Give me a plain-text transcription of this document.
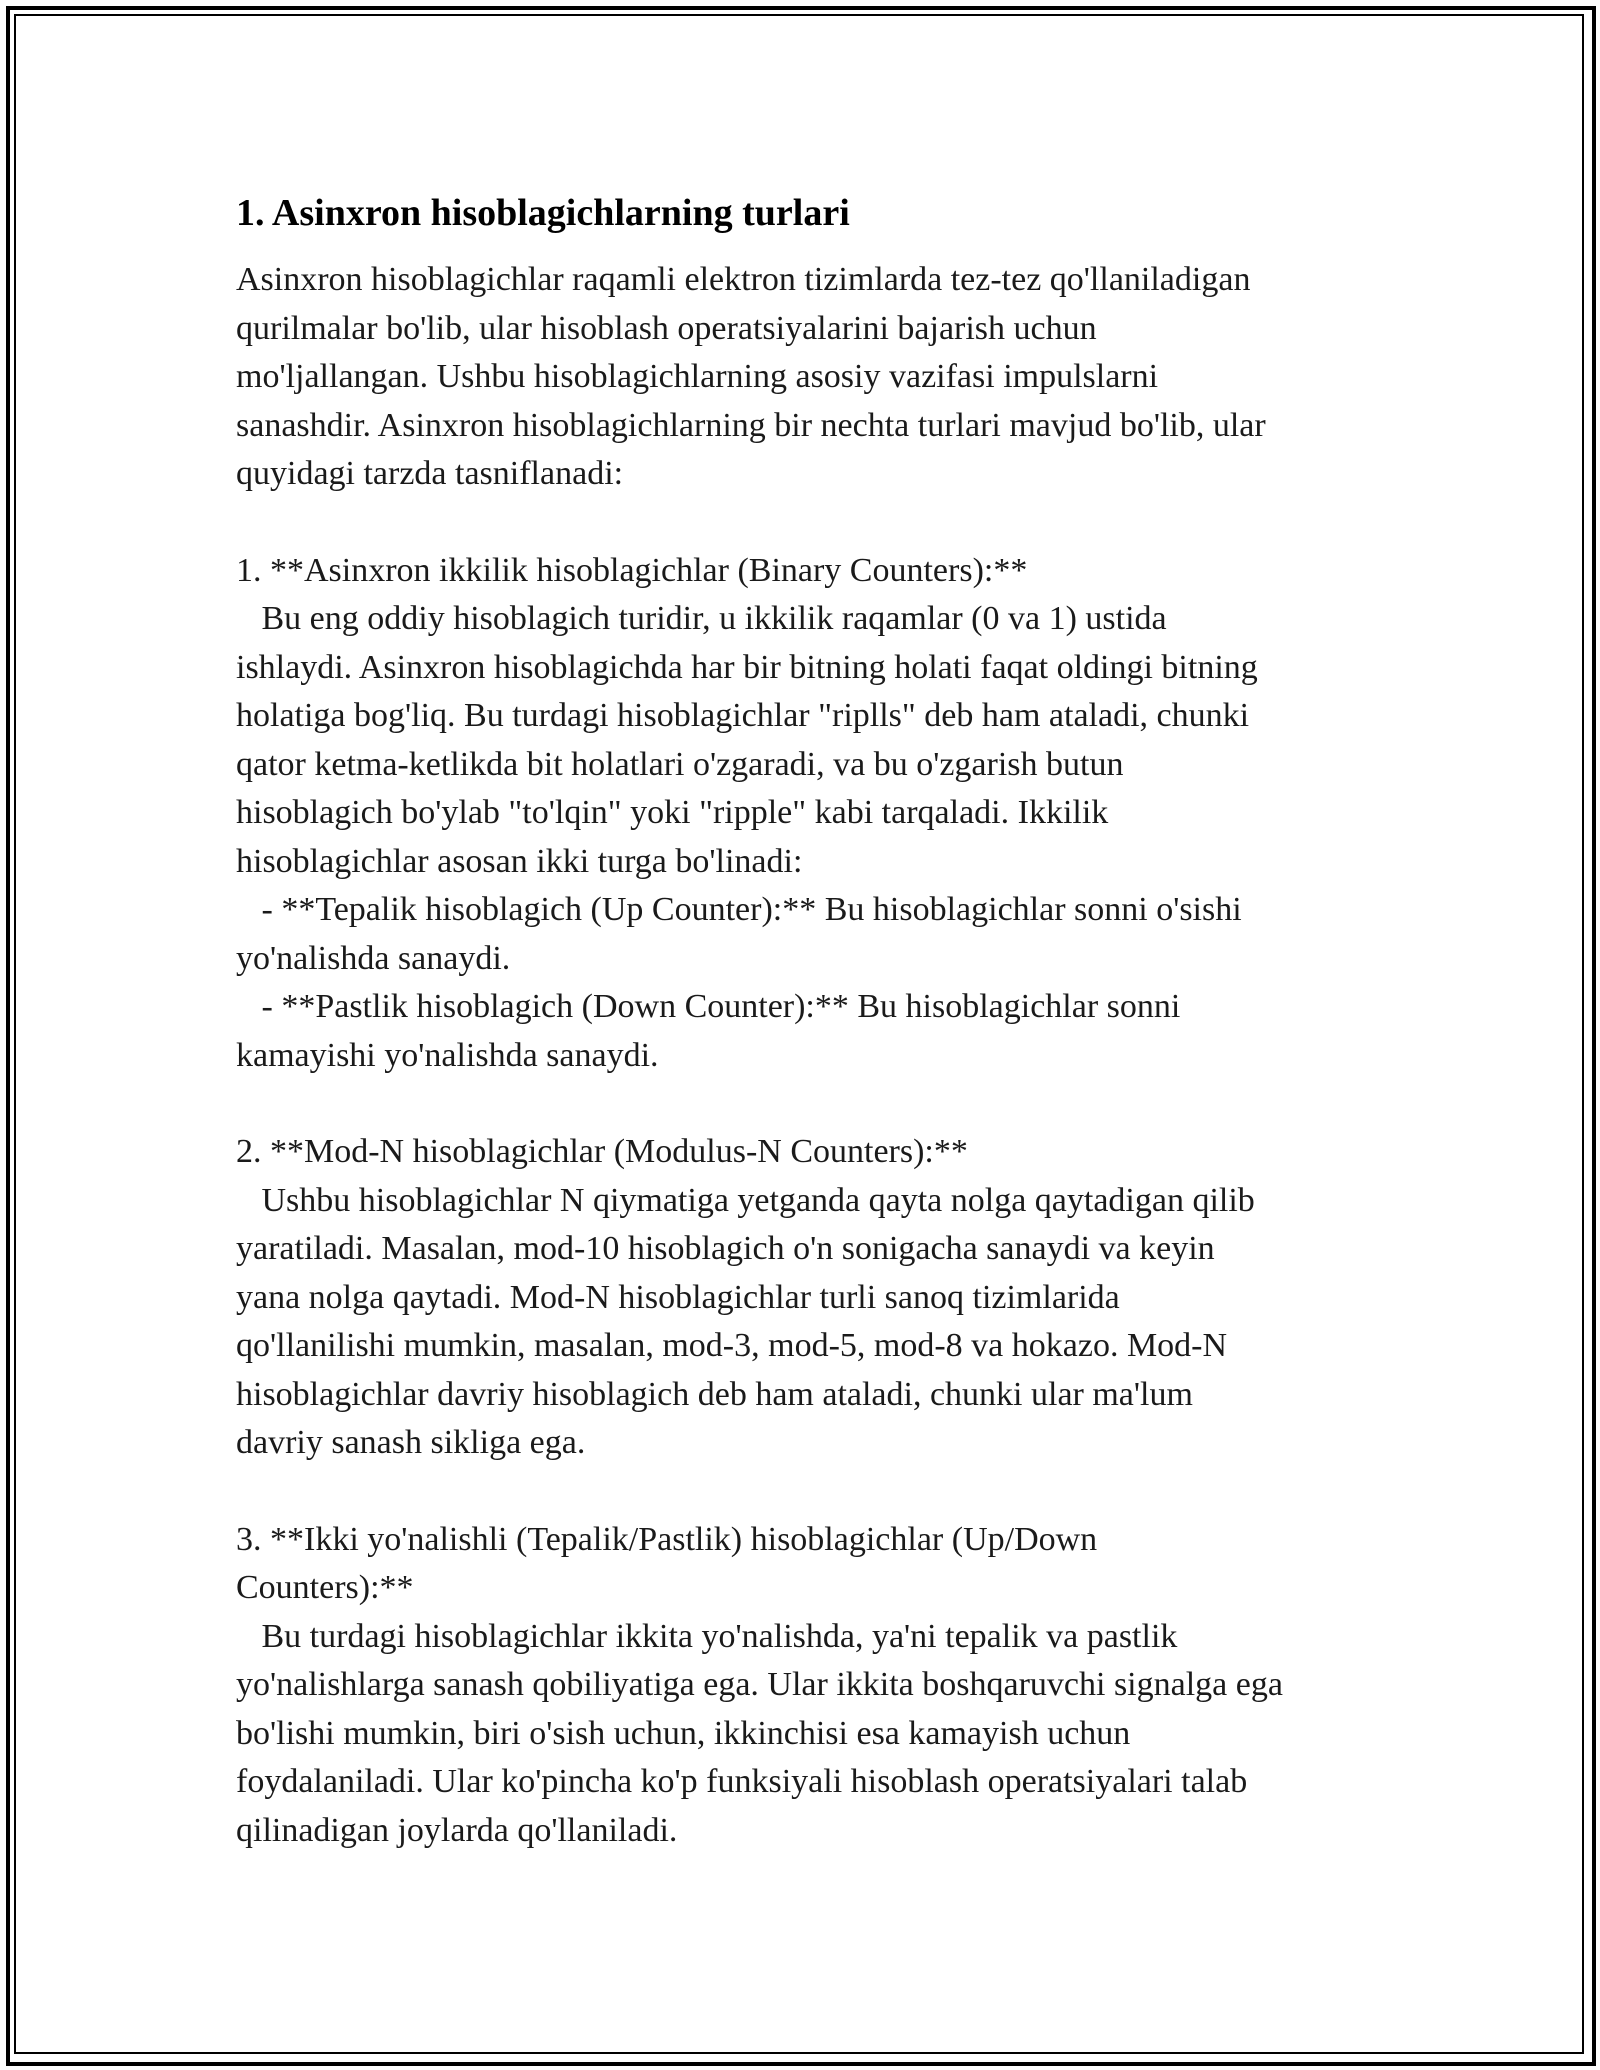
1. Asinxron hisoblagichlarning turlari

Asinxron hisoblagichlar raqamli elektron tizimlarda tez-tez qo'llaniladigan
qurilmalar bo'lib, ular hisoblash operatsiyalarini bajarish uchun
mo'ljallangan. Ushbu hisoblagichlarning asosiy vazifasi impulslarni
sanashdir. Asinxron hisoblagichlarning bir nechta turlari mavjud bo'lib, ular
quyidagi tarzda tasniflanadi:

1. **Asinxron ikkilik hisoblagichlar (Binary Counters):**
Bu eng oddiy hisoblagich turidir, u ikkilik raqamlar (0 va 1) ustida
ishlaydi. Asinxron hisoblagichda har bir bitning holati faqat oldingi bitning
holatiga bog'liq. Bu turdagi hisoblagichlar "riplls" deb ham ataladi, chunki
qator ketma-ketlikda bit holatlari o'zgaradi, va bu o'zgarish butun
hisoblagich bo'ylab "to'lqin" yoki "ripple" kabi tarqaladi. Ikkilik
hisoblagichlar asosan ikki turga bo'linadi:
- **Tepalik hisoblagich (Up Counter):** Bu hisoblagichlar sonni o'sishi
yo'nalishda sanaydi.
- **Pastlik hisoblagich (Down Counter):** Bu hisoblagichlar sonni
kamayishi yo'nalishda sanaydi.

2. **Mod-N hisoblagichlar (Modulus-N Counters):**
Ushbu hisoblagichlar N qiymatiga yetganda qayta nolga qaytadigan qilib
yaratiladi. Masalan, mod-10 hisoblagich o'n sonigacha sanaydi va keyin
yana nolga qaytadi. Mod-N hisoblagichlar turli sanoq tizimlarida
qo'llanilishi mumkin, masalan, mod-3, mod-5, mod-8 va hokazo. Mod-N
hisoblagichlar davriy hisoblagich deb ham ataladi, chunki ular ma'lum
davriy sanash sikliga ega.

3. **Ikki yo'nalishli (Tepalik/Pastlik) hisoblagichlar (Up/Down
Counters):**
Bu turdagi hisoblagichlar ikkita yo'nalishda, ya'ni tepalik va pastlik
yo'nalishlarga sanash qobiliyatiga ega. Ular ikkita boshqaruvchi signalga ega
bo'lishi mumkin, biri o'sish uchun, ikkinchisi esa kamayish uchun
foydalaniladi. Ular ko'pincha ko'p funksiyali hisoblash operatsiyalari talab
qilinadigan joylarda qo'llaniladi.
